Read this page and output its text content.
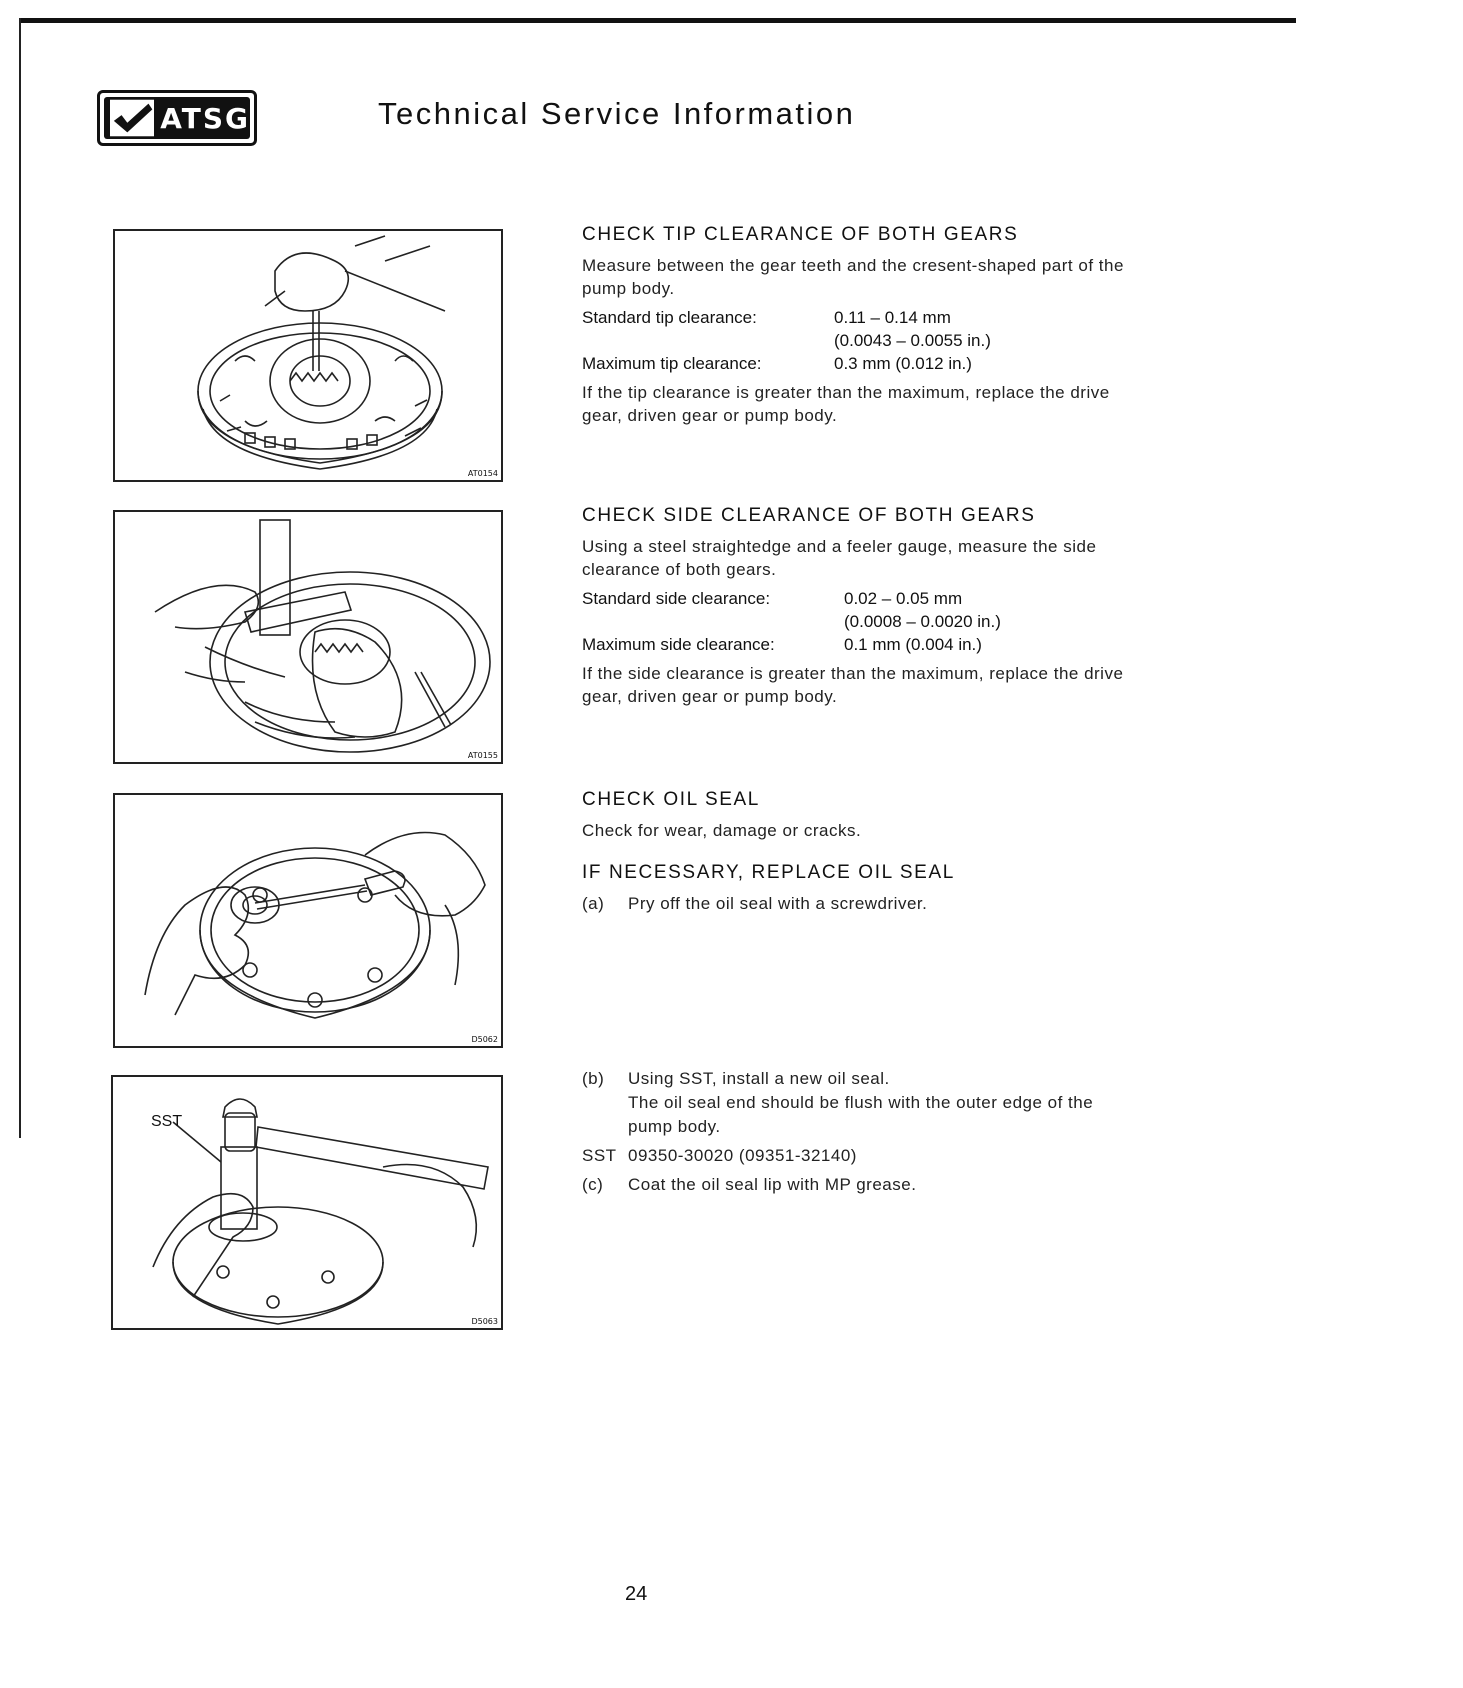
ATSG	Technical Service Information
AT0154
AT0155
D5062
SST
D5063
CHECK TIP CLEARANCE OF BOTH GEARS
Measure between the gear teeth and the cresent-shaped part of the pump body.
Standard tip clearance:	0.11 – 0.14 mm
(0.0043 – 0.0055 in.)
Maximum tip clearance:	0.3 mm (0.012 in.)
If the tip clearance is greater than the maximum, replace the drive gear, driven gear or pump body.
CHECK SIDE CLEARANCE OF BOTH GEARS
Using a steel straightedge and a feeler gauge, measure the side clearance of both gears.
Standard side clearance:	0.02 – 0.05 mm
(0.0008 – 0.0020 in.)
Maximum side clearance:	0.1 mm (0.004 in.)
If the side clearance is greater than the maximum, replace the drive gear, driven gear or pump body.
CHECK OIL SEAL
Check for wear, damage or cracks.
IF NECESSARY, REPLACE OIL SEAL
(a)	Pry off the oil seal with a screwdriver.
(b)	Using SST, install a new oil seal.
The oil seal end should be flush with the outer edge of the pump body.
SST 09350-30020 (09351-32140)
(c)	Coat the oil seal lip with MP grease.
24
